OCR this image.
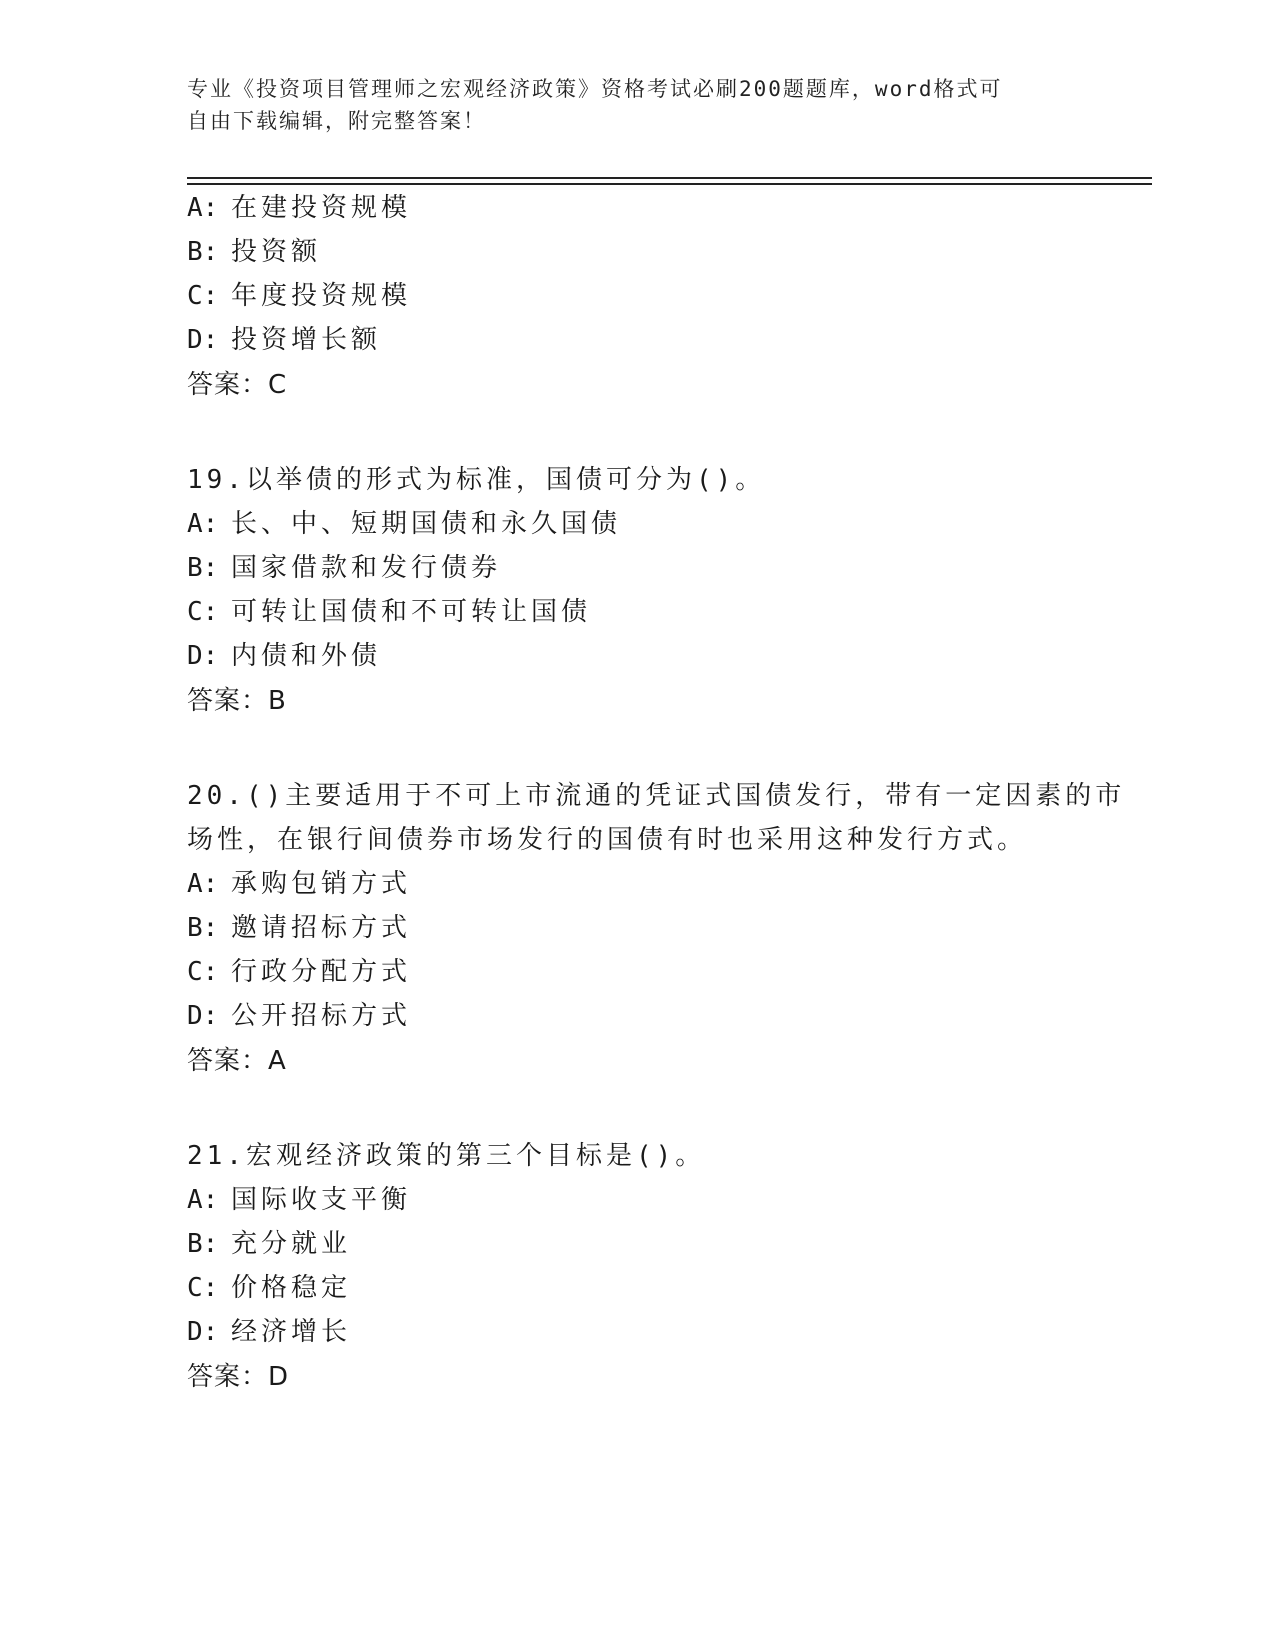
专业《投资项目管理师之宏观经济政策》资格考试必刷200题题库，word格式可
自由下载编辑，附完整答案！
A: 在建投资规模
B: 投资额
C: 年度投资规模
D: 投资增长额
答案：C
19.以举债的形式为标准，国债可分为()。
A: 长、中、短期国债和永久国债
B: 国家借款和发行债券
C: 可转让国债和不可转让国债
D: 内债和外债
答案：B
20.()主要适用于不可上市流通的凭证式国债发行，带有一定因素的市
场性，在银行间债券市场发行的国债有时也采用这种发行方式。
A: 承购包销方式
B: 邀请招标方式
C: 行政分配方式
D: 公开招标方式
答案：A
21.宏观经济政策的第三个目标是()。
A: 国际收支平衡
B: 充分就业
C: 价格稳定
D: 经济增长
答案：D
